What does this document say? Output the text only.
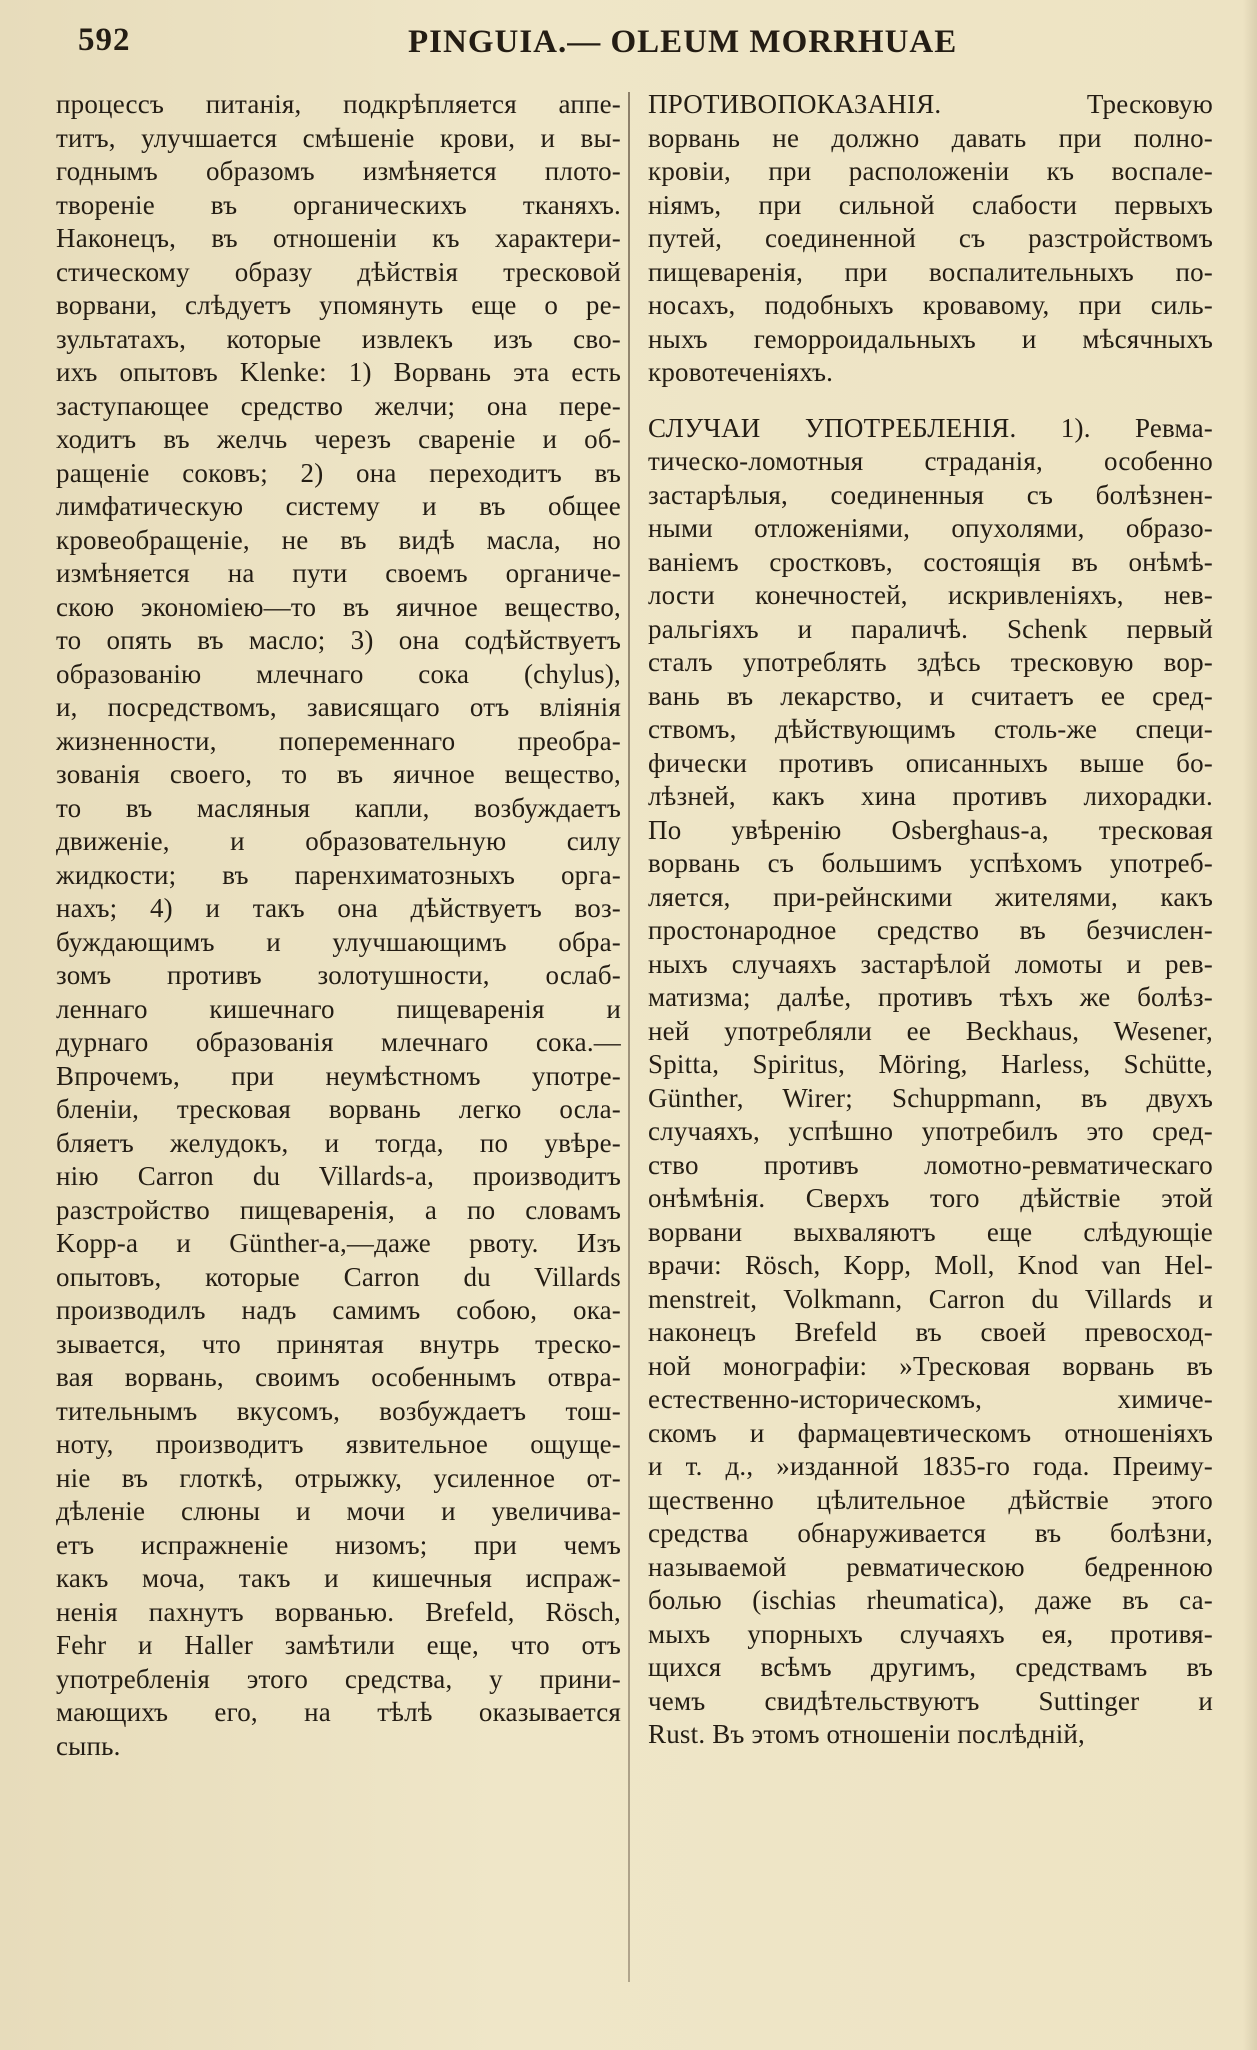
592	PINGUIA.— OLEUM MORRHUAE
процессъ питанія, подкрѣпляется аппе-
титъ, улучшается смѣшеніе крови, и вы-
годнымъ образомъ измѣняется плото-
твореніе въ органическихъ тканяхъ.
Наконецъ, въ отношеніи къ характери-
стическому образу дѣйствія тресковой
ворвани, слѣдуетъ упомянуть еще о ре-
зультатахъ, которые извлекъ изъ сво-
ихъ опытовъ Klenke: 1) Ворвань эта есть
заступающее средство желчи; она пере-
ходитъ въ желчь черезъ свареніе и об-
ращеніе соковъ; 2) она переходитъ въ
лимфатическую систему и въ общее
кровеобращеніе, не въ видѣ масла, но
измѣняется на пути своемъ органиче-
скою экономіею—то въ яичное вещество,
то опять въ масло; 3) она содѣйствуетъ
образованію млечнаго сока (chylus),
и, посредствомъ, зависящаго отъ вліянія
жизненности, попеременнаго преобра-
зованія своего, то въ яичное вещество,
то въ масляныя капли, возбуждаетъ
движеніе, и образовательную силу
жидкости; въ паренхиматозныхъ орга-
нахъ; 4) и такъ она дѣйствуетъ воз-
буждающимъ и улучшающимъ обра-
зомъ противъ золотушности, ослаб-
леннаго кишечнаго пищеваренія и
дурнаго образованія млечнаго сока.—
Впрочемъ, при неумѣстномъ употре-
бленіи, тресковая ворвань легко осла-
бляетъ желудокъ, и тогда, по увѣре-
нію Carron du Villards-а, производитъ
разстройство пищеваренія, а по словамъ
Kopp-а и Günther-а,—даже рвоту. Изъ
опытовъ, которые Carron du Villards
производилъ надъ самимъ собою, ока-
зывается, что принятая внутрь треско-
вая ворвань, своимъ особеннымъ отвра-
тительнымъ вкусомъ, возбуждаетъ тош-
ноту, производитъ язвительное ощуще-
ніе въ глоткѣ, отрыжку, усиленное от-
дѣленіе слюны и мочи и увеличива-
етъ испражненіе низомъ; при чемъ
какъ моча, такъ и кишечныя испраж-
ненія пахнутъ ворванью. Brefeld, Rösch,
Fehr и Haller замѣтили еще, что отъ
употребленія этого средства, у прини-
мающихъ его, на тѣлѣ оказывается
сыпь.
ПРОТИВОПОКАЗАНІЯ. Тресковую
ворвань не должно давать при полно-
кровіи, при расположеніи къ воспале-
ніямъ, при сильной слабости первыхъ
путей, соединенной съ разстройствомъ
пищеваренія, при воспалительныхъ по-
носахъ, подобныхъ кровавому, при силь-
ныхъ геморроидальныхъ и мѣсячныхъ
кровотеченіяхъ.
СЛУЧАИ УПОТРЕБЛЕНІЯ. 1). Ревма-
тическо-ломотныя страданія, особенно
застарѣлыя, соединенныя съ болѣзнен-
ными отложеніями, опухолями, образо-
ваніемъ сростковъ, состоящія въ онѣмѣ-
лости конечностей, искривленіяхъ, нев-
ральгіяхъ и параличѣ. Schenk первый
сталъ употреблять здѣсь тресковую вор-
вань въ лекарство, и считаетъ ее сред-
ствомъ, дѣйствующимъ столь-же специ-
фически противъ описанныхъ выше бо-
лѣзней, какъ хина противъ лихорадки.
По увѣренію Osberghaus-а, тресковая
ворвань съ большимъ успѣхомъ употреб-
ляется, при-рейнскими жителями, какъ
простонародное средство въ безчислен-
ныхъ случаяхъ застарѣлой ломоты и рев-
матизма; далѣе, противъ тѣхъ же болѣз-
ней употребляли ее Beckhaus, Wesener,
Spitta, Spiritus, Möring, Harless, Schütte,
Günther, Wirer; Schuppmann, въ двухъ
случаяхъ, успѣшно употребилъ это сред-
ство противъ ломотно-ревматическаго
онѣмѣнія. Сверхъ того дѣйствіе этой
ворвани выхваляютъ еще слѣдующіе
врачи: Rösch, Kopp, Moll, Knod van Hel-
menstreit, Volkmann, Carron du Villards и
наконецъ Brefeld въ своей превосход-
ной монографіи: »Тресковая ворвань въ
естественно-историческомъ, химиче-
скомъ и фармацевтическомъ отношеніяхъ
и т. д., »изданной 1835-го года. Преиму-
щественно цѣлительное дѣйствіе этого
средства обнаруживается въ болѣзни,
называемой ревматическою бедренною
болью (ischias rheumatica), даже въ са-
мыхъ упорныхъ случаяхъ ея, противя-
щихся всѣмъ другимъ, средствамъ въ
чемъ свидѣтельствуютъ Suttinger и
Rust. Въ этомъ отношеніи послѣдній,
